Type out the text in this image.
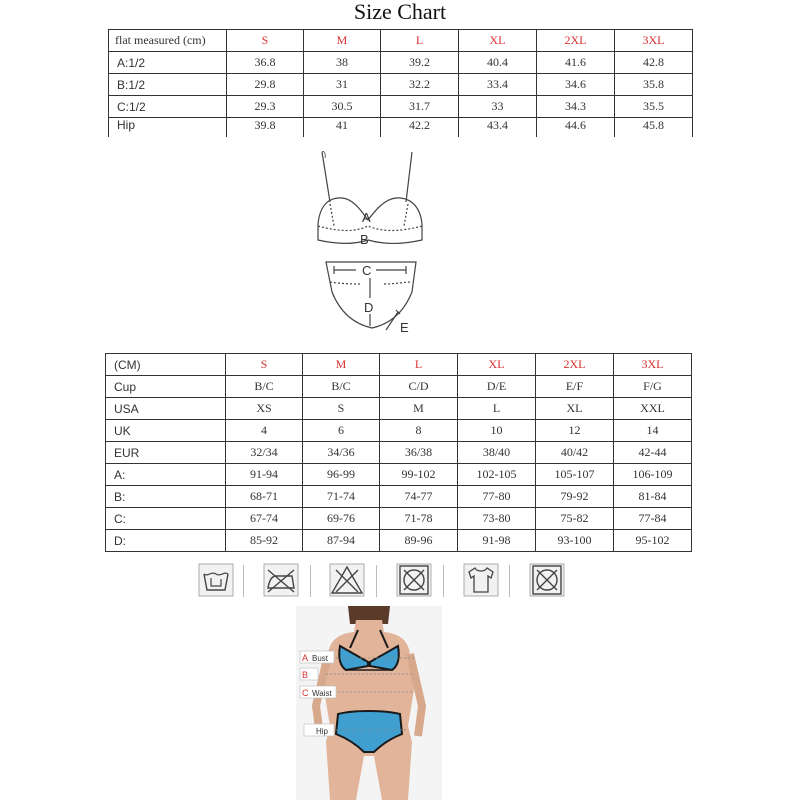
Size Chart
flat measured (cm)	S	M	L	XL	2XL	3XL
A:1/2	36.8	38	39.2	40.4	41.6	42.8
B:1/2	29.8	31	32.2	33.4	34.6	35.8
C:1/2	29.3	30.5	31.7	33	34.3	35.5
Hip	39.8	41	42.2	43.4	44.6	45.8
A
B
C
D
E
(CM)	S	M	L	XL	2XL	3XL
Cup	B/C	B/C	C/D	D/E	E/F	F/G
USA	XS	S	M	L	XL	XXL
UK	4	6	8	10	12	14
EUR	32/34	34/36	36/38	38/40	40/42	42-44
A:	91-94	96-99	99-102	102-105	105-107	106-109
B:	68-71	71-74	74-77	77-80	79-92	81-84
C:	67-74	69-76	71-78	73-80	75-82	77-84
D:	85-92	87-94	89-96	91-98	93-100	95-102
A Bust
B
C Waist
Hip
